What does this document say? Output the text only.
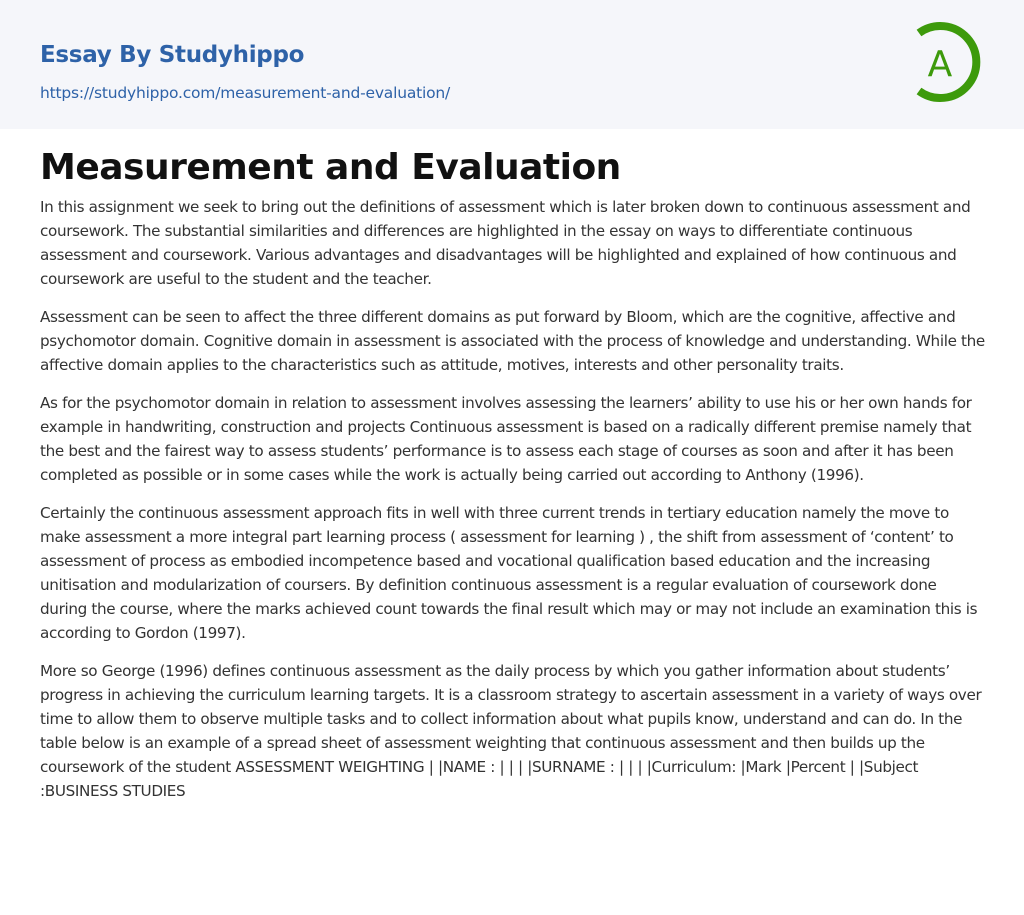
Essay By Studyhippo
https://studyhippo.com/measurement-and-evaluation/
A
Measurement and Evaluation

In this assignment we seek to bring out the definitions of assessment which is later broken down to continuous assessment and coursework. The substantial similarities and differences are highlighted in the essay on ways to differentiate continuous assessment and coursework. Various advantages and disadvantages will be highlighted and explained of how continuous and coursework are useful to the student and the teacher.

Assessment can be seen to affect the three different domains as put forward by Bloom, which are the cognitive, affective and psychomotor domain. Cognitive domain in assessment is associated with the process of knowledge and understanding. While the affective domain applies to the characteristics such as attitude, motives, interests and other personality traits.

As for the psychomotor domain in relation to assessment involves assessing the learners’ ability to use his or her own hands for example in handwriting, construction and projects Continuous assessment is based on a radically different premise namely that the best and the fairest way to assess students’ performance is to assess each stage of courses as soon and after it has been completed as possible or in some cases while the work is actually being carried out according to Anthony (1996).

Certainly the continuous assessment approach fits in well with three current trends in tertiary education namely the move to make assessment a more integral part learning process ( assessment for learning ) , the shift from assessment of ‘content’ to assessment of process as embodied incompetence based and vocational qualification based education and the increasing unitisation and modularization of coursers. By definition continuous assessment is a regular evaluation of coursework done during the course, where the marks achieved count towards the final result which may or may not include an examination this is according to Gordon (1997).

More so George (1996) defines continuous assessment as the daily process by which you gather information about students’ progress in achieving the curriculum learning targets. It is a classroom strategy to ascertain assessment in a variety of ways over time to allow them to observe multiple tasks and to collect information about what pupils know, understand and can do. In the table below is an example of a spread sheet of assessment weighting that continuous assessment and then builds up the coursework of the student ASSESSMENT WEIGHTING | |NAME : | | | |SURNAME : | | | |Curriculum: |Mark |Percent | |Subject :BUSINESS STUDIES
